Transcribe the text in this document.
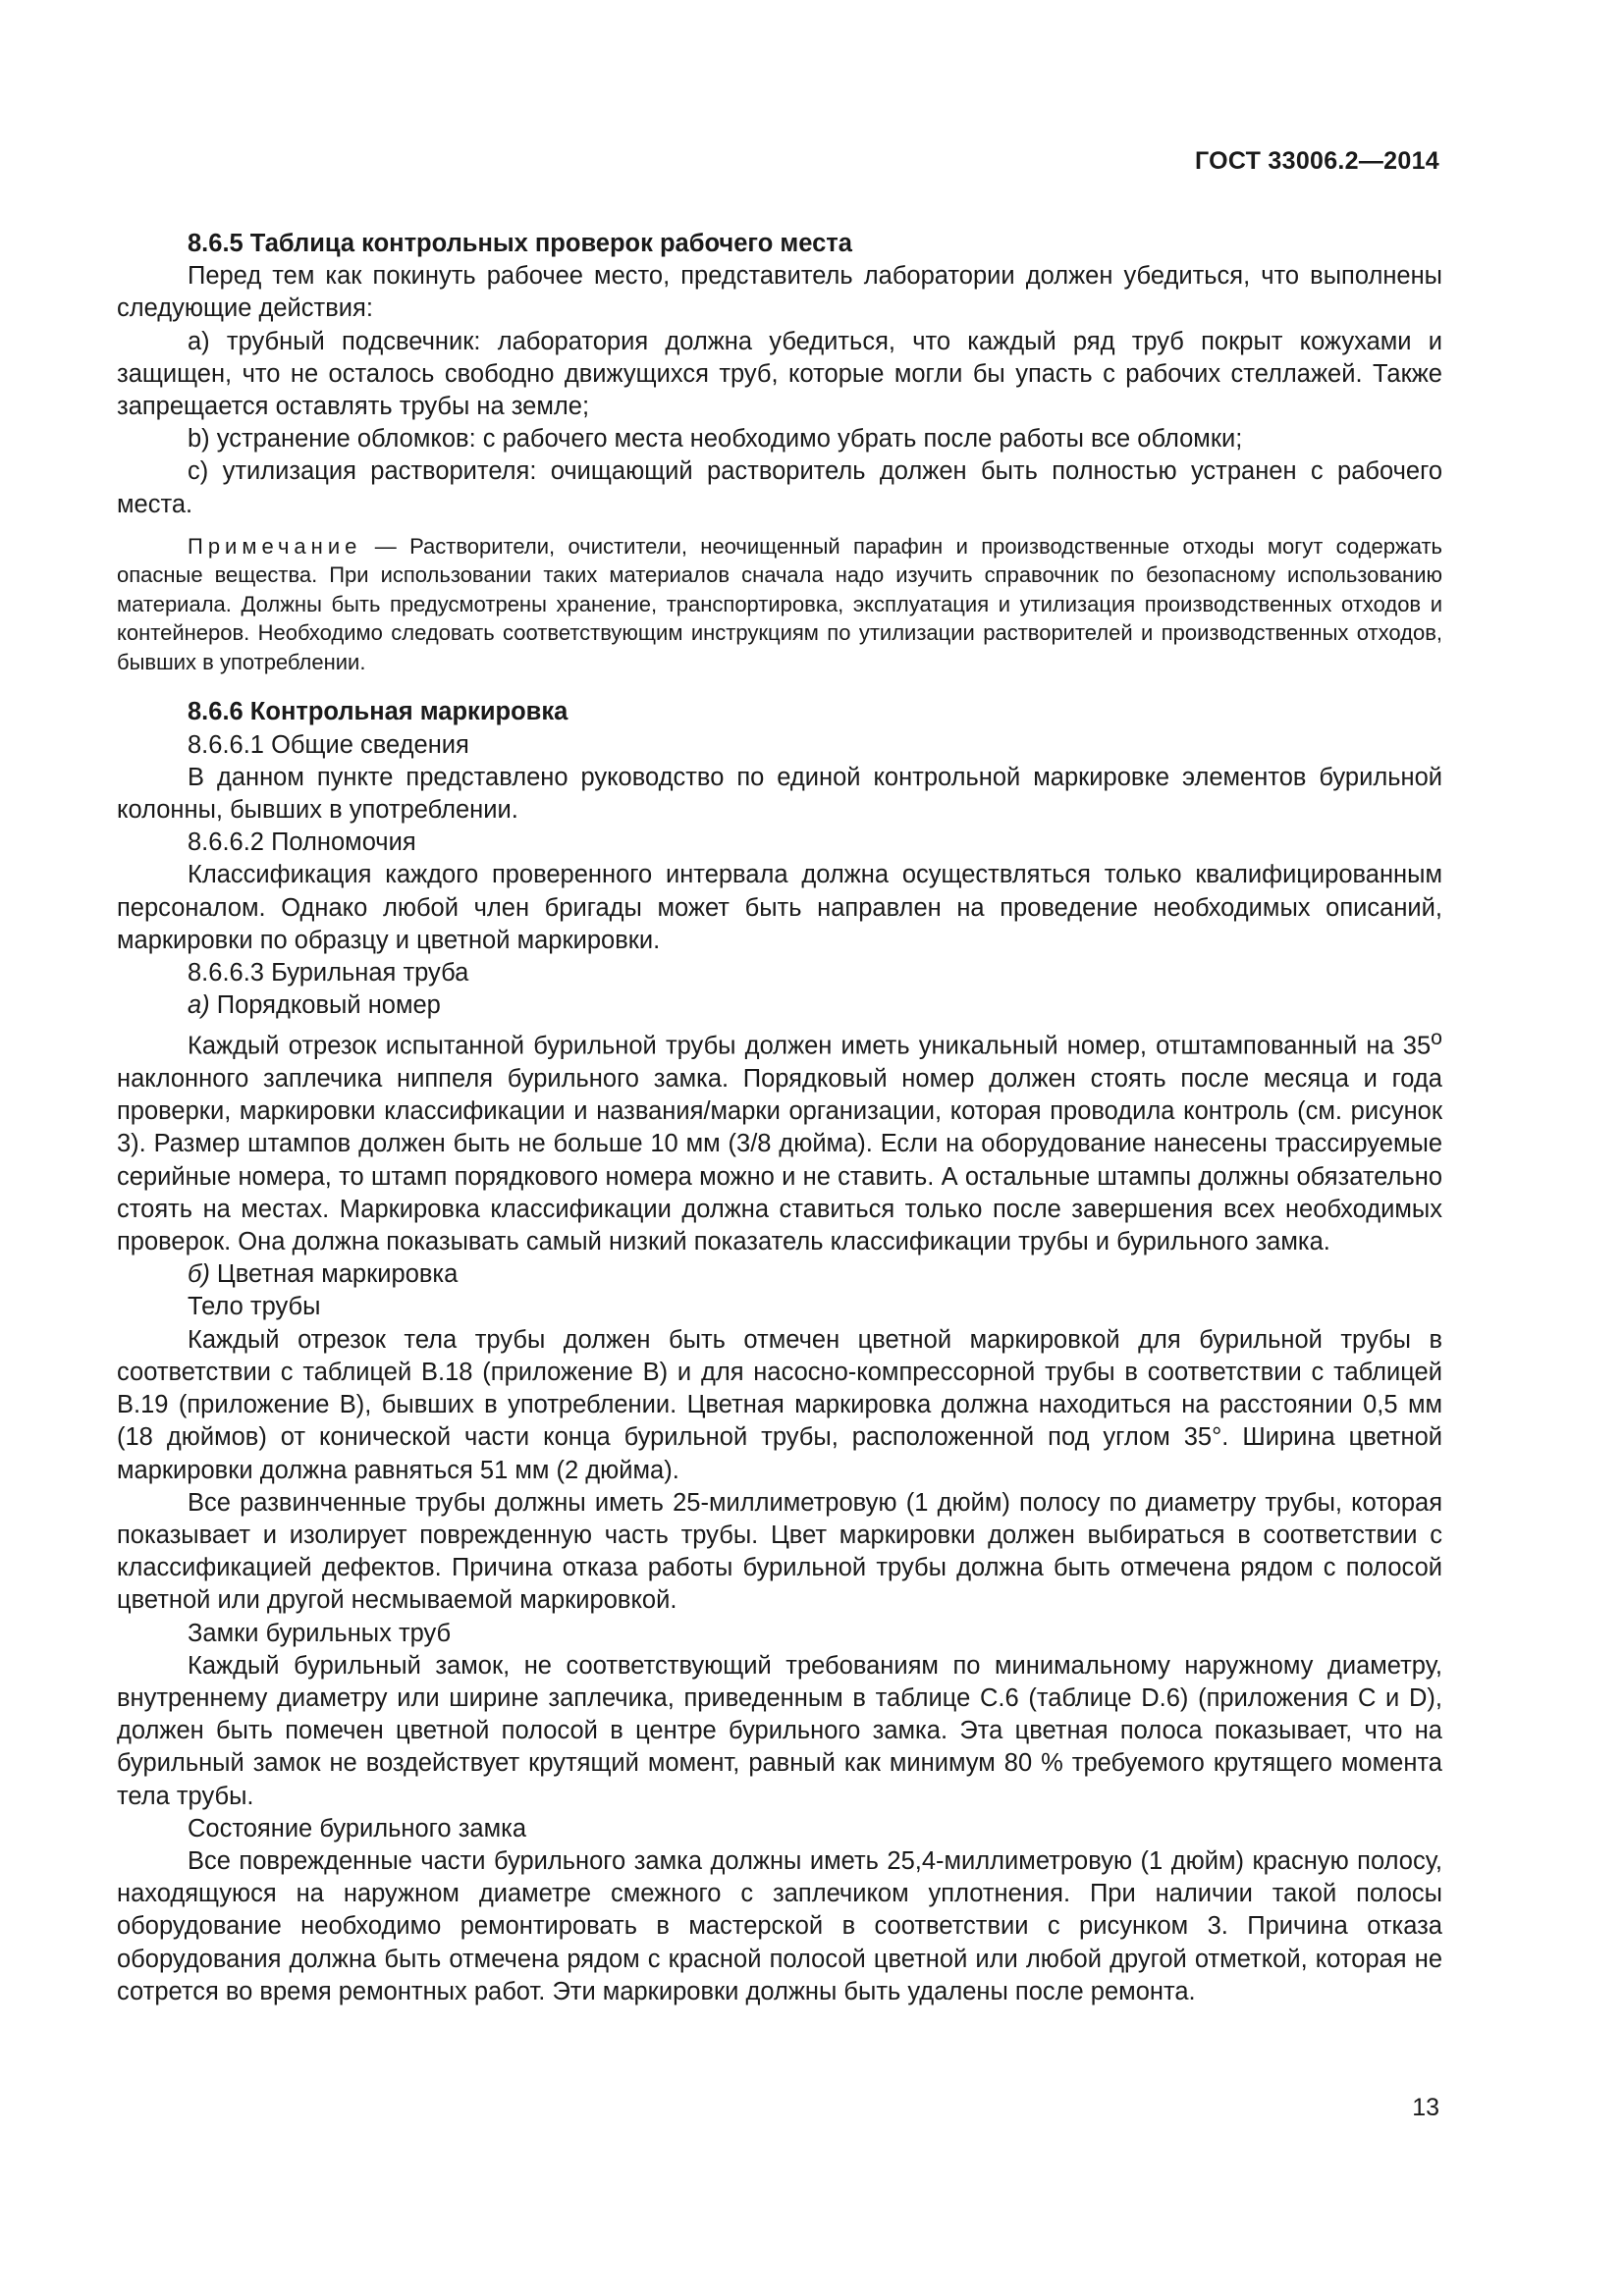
ГОСТ 33006.2—2014

8.6.5 Таблица контрольных проверок рабочего места

Перед тем как покинуть рабочее место, представитель лаборатории должен убедиться, что выполнены следующие действия:

а) трубный подсвечник: лаборатория должна убедиться, что каждый ряд труб покрыт кожухами и защищен, что не осталось свободно движущихся труб, которые могли бы упасть с рабочих стеллажей. Также запрещается оставлять трубы на земле;

b) устранение обломков: с рабочего места необходимо убрать после работы все обломки;

с) утилизация растворителя: очищающий растворитель должен быть полностью устранен с рабочего места.

Примечание — Растворители, очистители, неочищенный парафин и производственные отходы могут содержать опасные вещества. При использовании таких материалов сначала надо изучить справочник по безопасному использованию материала. Должны быть предусмотрены хранение, транспортировка, эксплуатация и утилизация производственных отходов и контейнеров. Необходимо следовать соответствующим инструкциям по утилизации растворителей и производственных отходов, бывших в употреблении.

8.6.6 Контрольная маркировка

8.6.6.1 Общие сведения

В данном пункте представлено руководство по единой контрольной маркировке элементов бурильной колонны, бывших в употреблении.

8.6.6.2 Полномочия

Классификация каждого проверенного интервала должна осуществляться только квалифицированным персоналом. Однако любой член бригады может быть направлен на проведение необходимых описаний, маркировки по образцу и цветной маркировки.

8.6.6.3 Бурильная труба

а) Порядковый номер

Каждый отрезок испытанной бурильной трубы должен иметь уникальный номер, отштампованный на $35^о$ наклонного заплечика ниппеля бурильного замка. Порядковый номер должен стоять после месяца и года проверки, маркировки классификации и названия/марки организации, которая проводила контроль (см. рисунок 3). Размер штампов должен быть не больше 10 мм (3/8 дюйма). Если на оборудование нанесены трассируемые серийные номера, то штамп порядкового номера можно и не ставить. А остальные штампы должны обязательно стоять на местах. Маркировка классификации должна ставиться только после завершения всех необходимых проверок. Она должна показывать самый низкий показатель классификации трубы и бурильного замка.

б) Цветная маркировка

Тело трубы

Каждый отрезок тела трубы должен быть отмечен цветной маркировкой для бурильной трубы в соответствии с таблицей В.18 (приложение В) и для насосно-компрессорной трубы в соответствии с таблицей В.19 (приложение В), бывших в употреблении. Цветная маркировка должна находиться на расстоянии 0,5 мм (18 дюймов) от конической части конца бурильной трубы, расположенной под углом 35°. Ширина цветной маркировки должна равняться 51 мм (2 дюйма).

Все развинченные трубы должны иметь 25-миллиметровую (1 дюйм) полосу по диаметру трубы, которая показывает и изолирует поврежденную часть трубы. Цвет маркировки должен выбираться в соответствии с классификацией дефектов. Причина отказа работы бурильной трубы должна быть отмечена рядом с полосой цветной или другой несмываемой маркировкой.

Замки бурильных труб

Каждый бурильный замок, не соответствующий требованиям по минимальному наружному диаметру, внутреннему диаметру или ширине заплечика, приведенным в таблице С.6 (таблице D.6) (приложения С и D), должен быть помечен цветной полосой в центре бурильного замка. Эта цветная полоса показывает, что на бурильный замок не воздействует крутящий момент, равный как минимум 80 % требуемого крутящего момента тела трубы.

Состояние бурильного замка

Все поврежденные части бурильного замка должны иметь 25,4-миллиметровую (1 дюйм) красную полосу, находящуюся на наружном диаметре смежного с заплечиком уплотнения. При наличии такой полосы оборудование необходимо ремонтировать в мастерской в соответствии с рисунком 3. Причина отказа оборудования должна быть отмечена рядом с красной полосой цветной или любой другой отметкой, которая не сотрется во время ремонтных работ. Эти маркировки должны быть удалены после ремонта.

13
